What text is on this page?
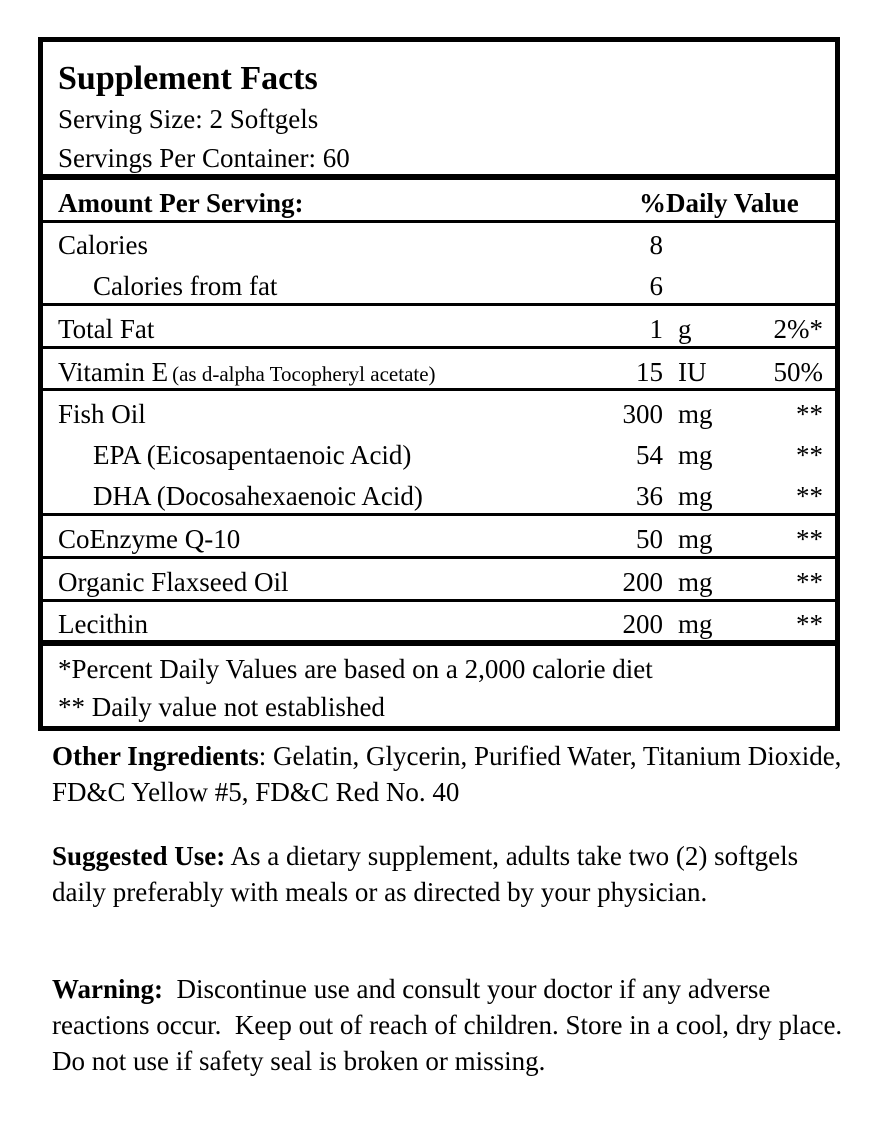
Supplement Facts
Serving Size: 2 Softgels
Servings Per Container: 60
Amount Per Serving:	%Daily Value
Calories	8
Calories from fat	6
Total Fat	1 g	2%*
Vitamin E (as d-alpha Tocopheryl acetate)	15 IU	50%
Fish Oil	300 mg	**
EPA (Eicosapentaenoic Acid)	54 mg	**
DHA (Docosahexaenoic Acid)	36 mg	**
CoEnzyme Q-10	50 mg	**
Organic Flaxseed Oil	200 mg	**
Lecithin	200 mg	**
*Percent Daily Values are based on a 2,000 calorie diet
** Daily value not established
Other Ingredients: Gelatin, Glycerin, Purified Water, Titanium Dioxide, FD&C Yellow #5, FD&C Red No. 40
Suggested Use: As a dietary supplement, adults take two (2) softgels daily preferably with meals or as directed by your physician.
Warning:  Discontinue use and consult your doctor if any adverse reactions occur.  Keep out of reach of children. Store in a cool, dry place. Do not use if safety seal is broken or missing.
